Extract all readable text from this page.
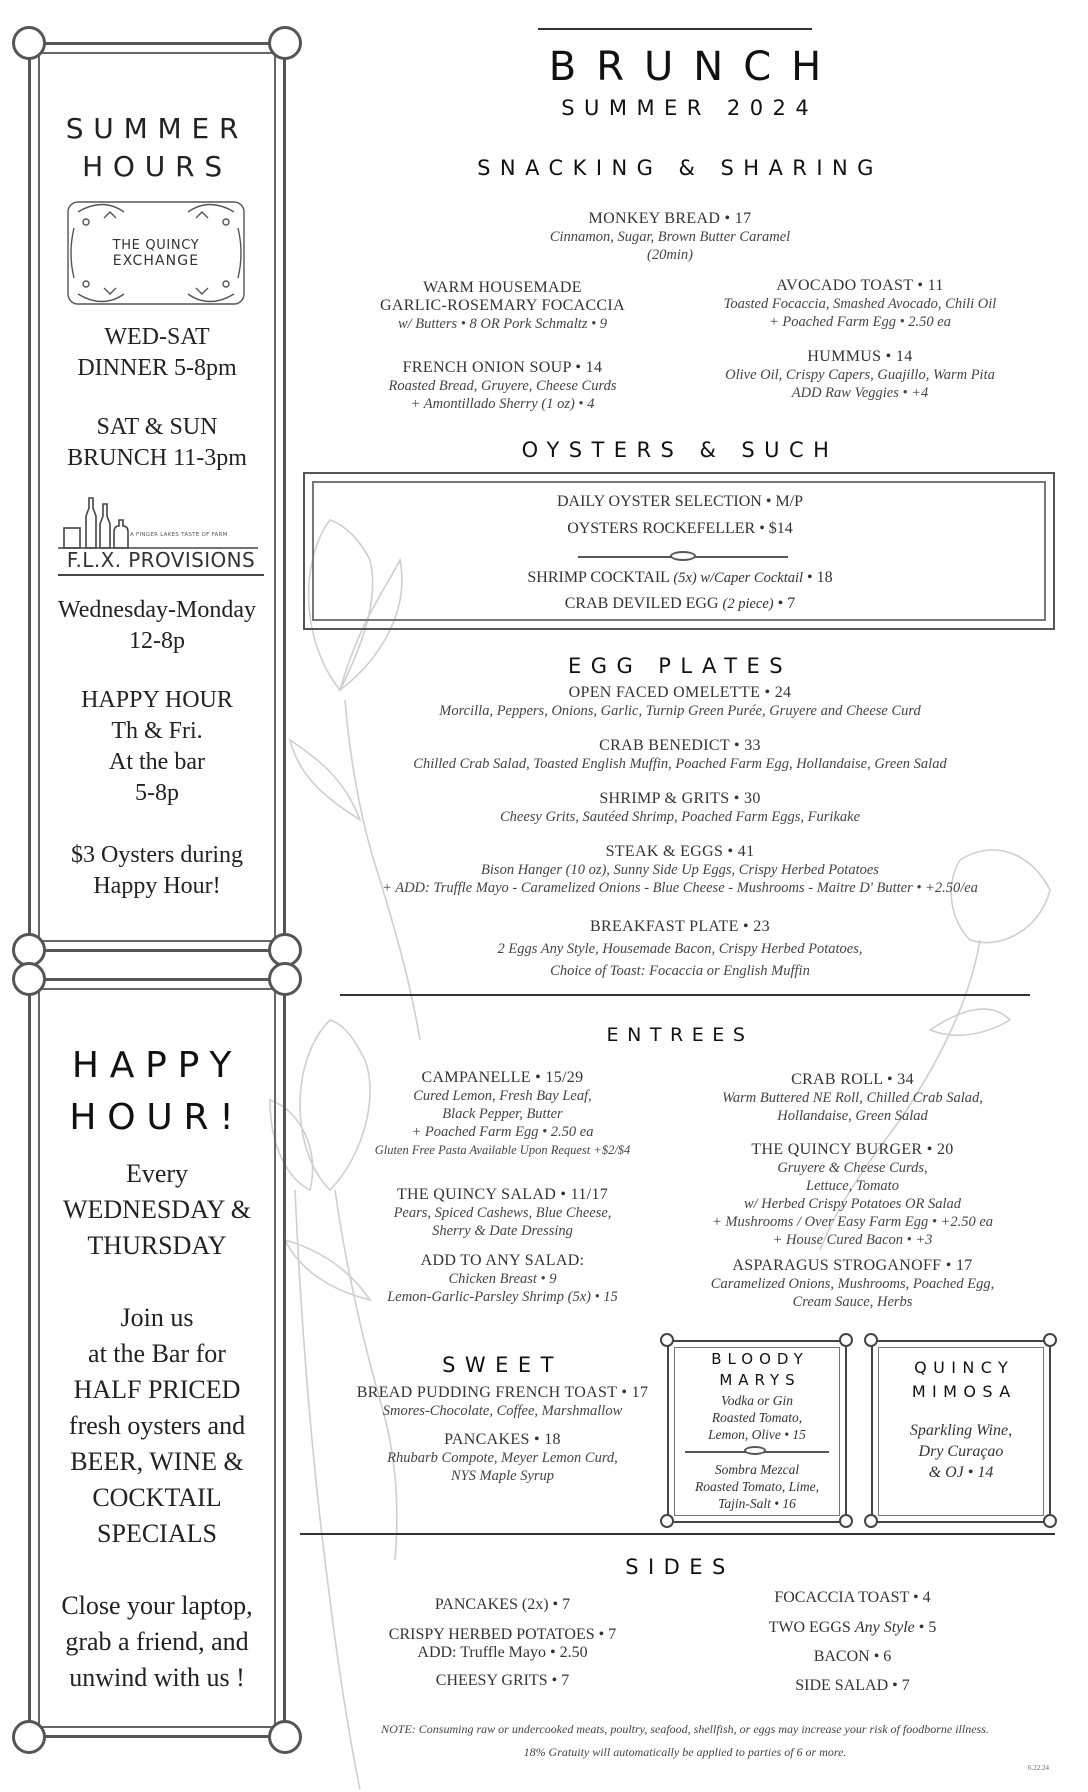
SUMMER
HOURS
THE QUINCY
EXCHANGE
WED-SAT
DINNER 5-8pm
SAT & SUN
BRUNCH 11-3pm
A FINGER LAKES TASTE OF FARM
F.L.X. PROVISIONS
Wednesday-Monday
12-8p
HAPPY HOUR
Th & Fri.
At the bar
5-8p
$3 Oysters during
Happy Hour!
HAPPY
HOUR!
Every
WEDNESDAY &
THURSDAY
Join us
at the Bar for
HALF PRICED
fresh oysters and
BEER, WINE &
COCKTAIL
SPECIALS
Close your laptop,
grab a friend, and
unwind with us !
BRUNCH
SUMMER 2024
SNACKING & SHARING
MONKEY BREAD • 17
Cinnamon, Sugar, Brown Butter Caramel
(20min)
WARM HOUSEMADE
GARLIC-ROSEMARY FOCACCIA
w/ Butters • 8 OR Pork Schmaltz • 9
AVOCADO TOAST • 11
Toasted Focaccia, Smashed Avocado, Chili Oil
+ Poached Farm Egg • 2.50 ea
FRENCH ONION SOUP • 14
Roasted Bread, Gruyere, Cheese Curds
+ Amontillado Sherry (1 oz) • 4
HUMMUS • 14
Olive Oil, Crispy Capers, Guajillo, Warm Pita
ADD Raw Veggies • +4
OYSTERS & SUCH
DAILY OYSTER SELECTION • M/P
OYSTERS ROCKEFELLER • $14
SHRIMP COCKTAIL (5x) w/Caper Cocktail • 18
CRAB DEVILED EGG (2 piece) • 7
EGG PLATES
OPEN FACED OMELETTE • 24
Morcilla, Peppers, Onions, Garlic, Turnip Green Purée, Gruyere and Cheese Curd
CRAB BENEDICT • 33
Chilled Crab Salad, Toasted English Muffin, Poached Farm Egg, Hollandaise, Green Salad
SHRIMP & GRITS • 30
Cheesy Grits, Sautéed Shrimp, Poached Farm Eggs, Furikake
STEAK & EGGS • 41
Bison Hanger (10 oz), Sunny Side Up Eggs, Crispy Herbed Potatoes
+ ADD: Truffle Mayo - Caramelized Onions - Blue Cheese - Mushrooms - Maitre D' Butter • +2.50/ea
BREAKFAST PLATE • 23
2 Eggs Any Style, Housemade Bacon, Crispy Herbed Potatoes,
Choice of Toast: Focaccia or English Muffin
ENTREES
CAMPANELLE • 15/29
Cured Lemon, Fresh Bay Leaf,
Black Pepper, Butter
+ Poached Farm Egg • 2.50 ea
Gluten Free Pasta Available Upon Request +$2/$4
THE QUINCY SALAD • 11/17
Pears, Spiced Cashews, Blue Cheese,
Sherry & Date Dressing
ADD TO ANY SALAD:
Chicken Breast • 9
Lemon-Garlic-Parsley Shrimp (5x) • 15
CRAB ROLL • 34
Warm Buttered NE Roll, Chilled Crab Salad,
Hollandaise, Green Salad
THE QUINCY BURGER • 20
Gruyere & Cheese Curds,
Lettuce, Tomato
w/ Herbed Crispy Potatoes OR Salad
+ Mushrooms / Over Easy Farm Egg • +2.50 ea
+ House Cured Bacon • +3
ASPARAGUS STROGANOFF • 17
Caramelized Onions, Mushrooms, Poached Egg,
Cream Sauce, Herbs
SWEET
BREAD PUDDING FRENCH TOAST • 17
Smores-Chocolate, Coffee, Marshmallow
PANCAKES • 18
Rhubarb Compote, Meyer Lemon Curd,
NYS Maple Syrup
BLOODY
MARYS
Vodka or Gin
Roasted Tomato,
Lemon, Olive • 15
Sombra Mezcal
Roasted Tomato, Lime,
Tajin-Salt • 16
QUINCY
MIMOSA
Sparkling Wine,
Dry Curaçao
& OJ • 14
SIDES
PANCAKES (2x) • 7
CRISPY HERBED POTATOES • 7
ADD: Truffle Mayo • 2.50
CHEESY GRITS • 7
FOCACCIA TOAST • 4
TWO EGGS Any Style • 5
BACON • 6
SIDE SALAD • 7
NOTE: Consuming raw or undercooked meats, poultry, seafood, shellfish, or eggs may increase your risk of foodborne illness.
18% Gratuity will automatically be applied to parties of 6 or more.
6.22.24
